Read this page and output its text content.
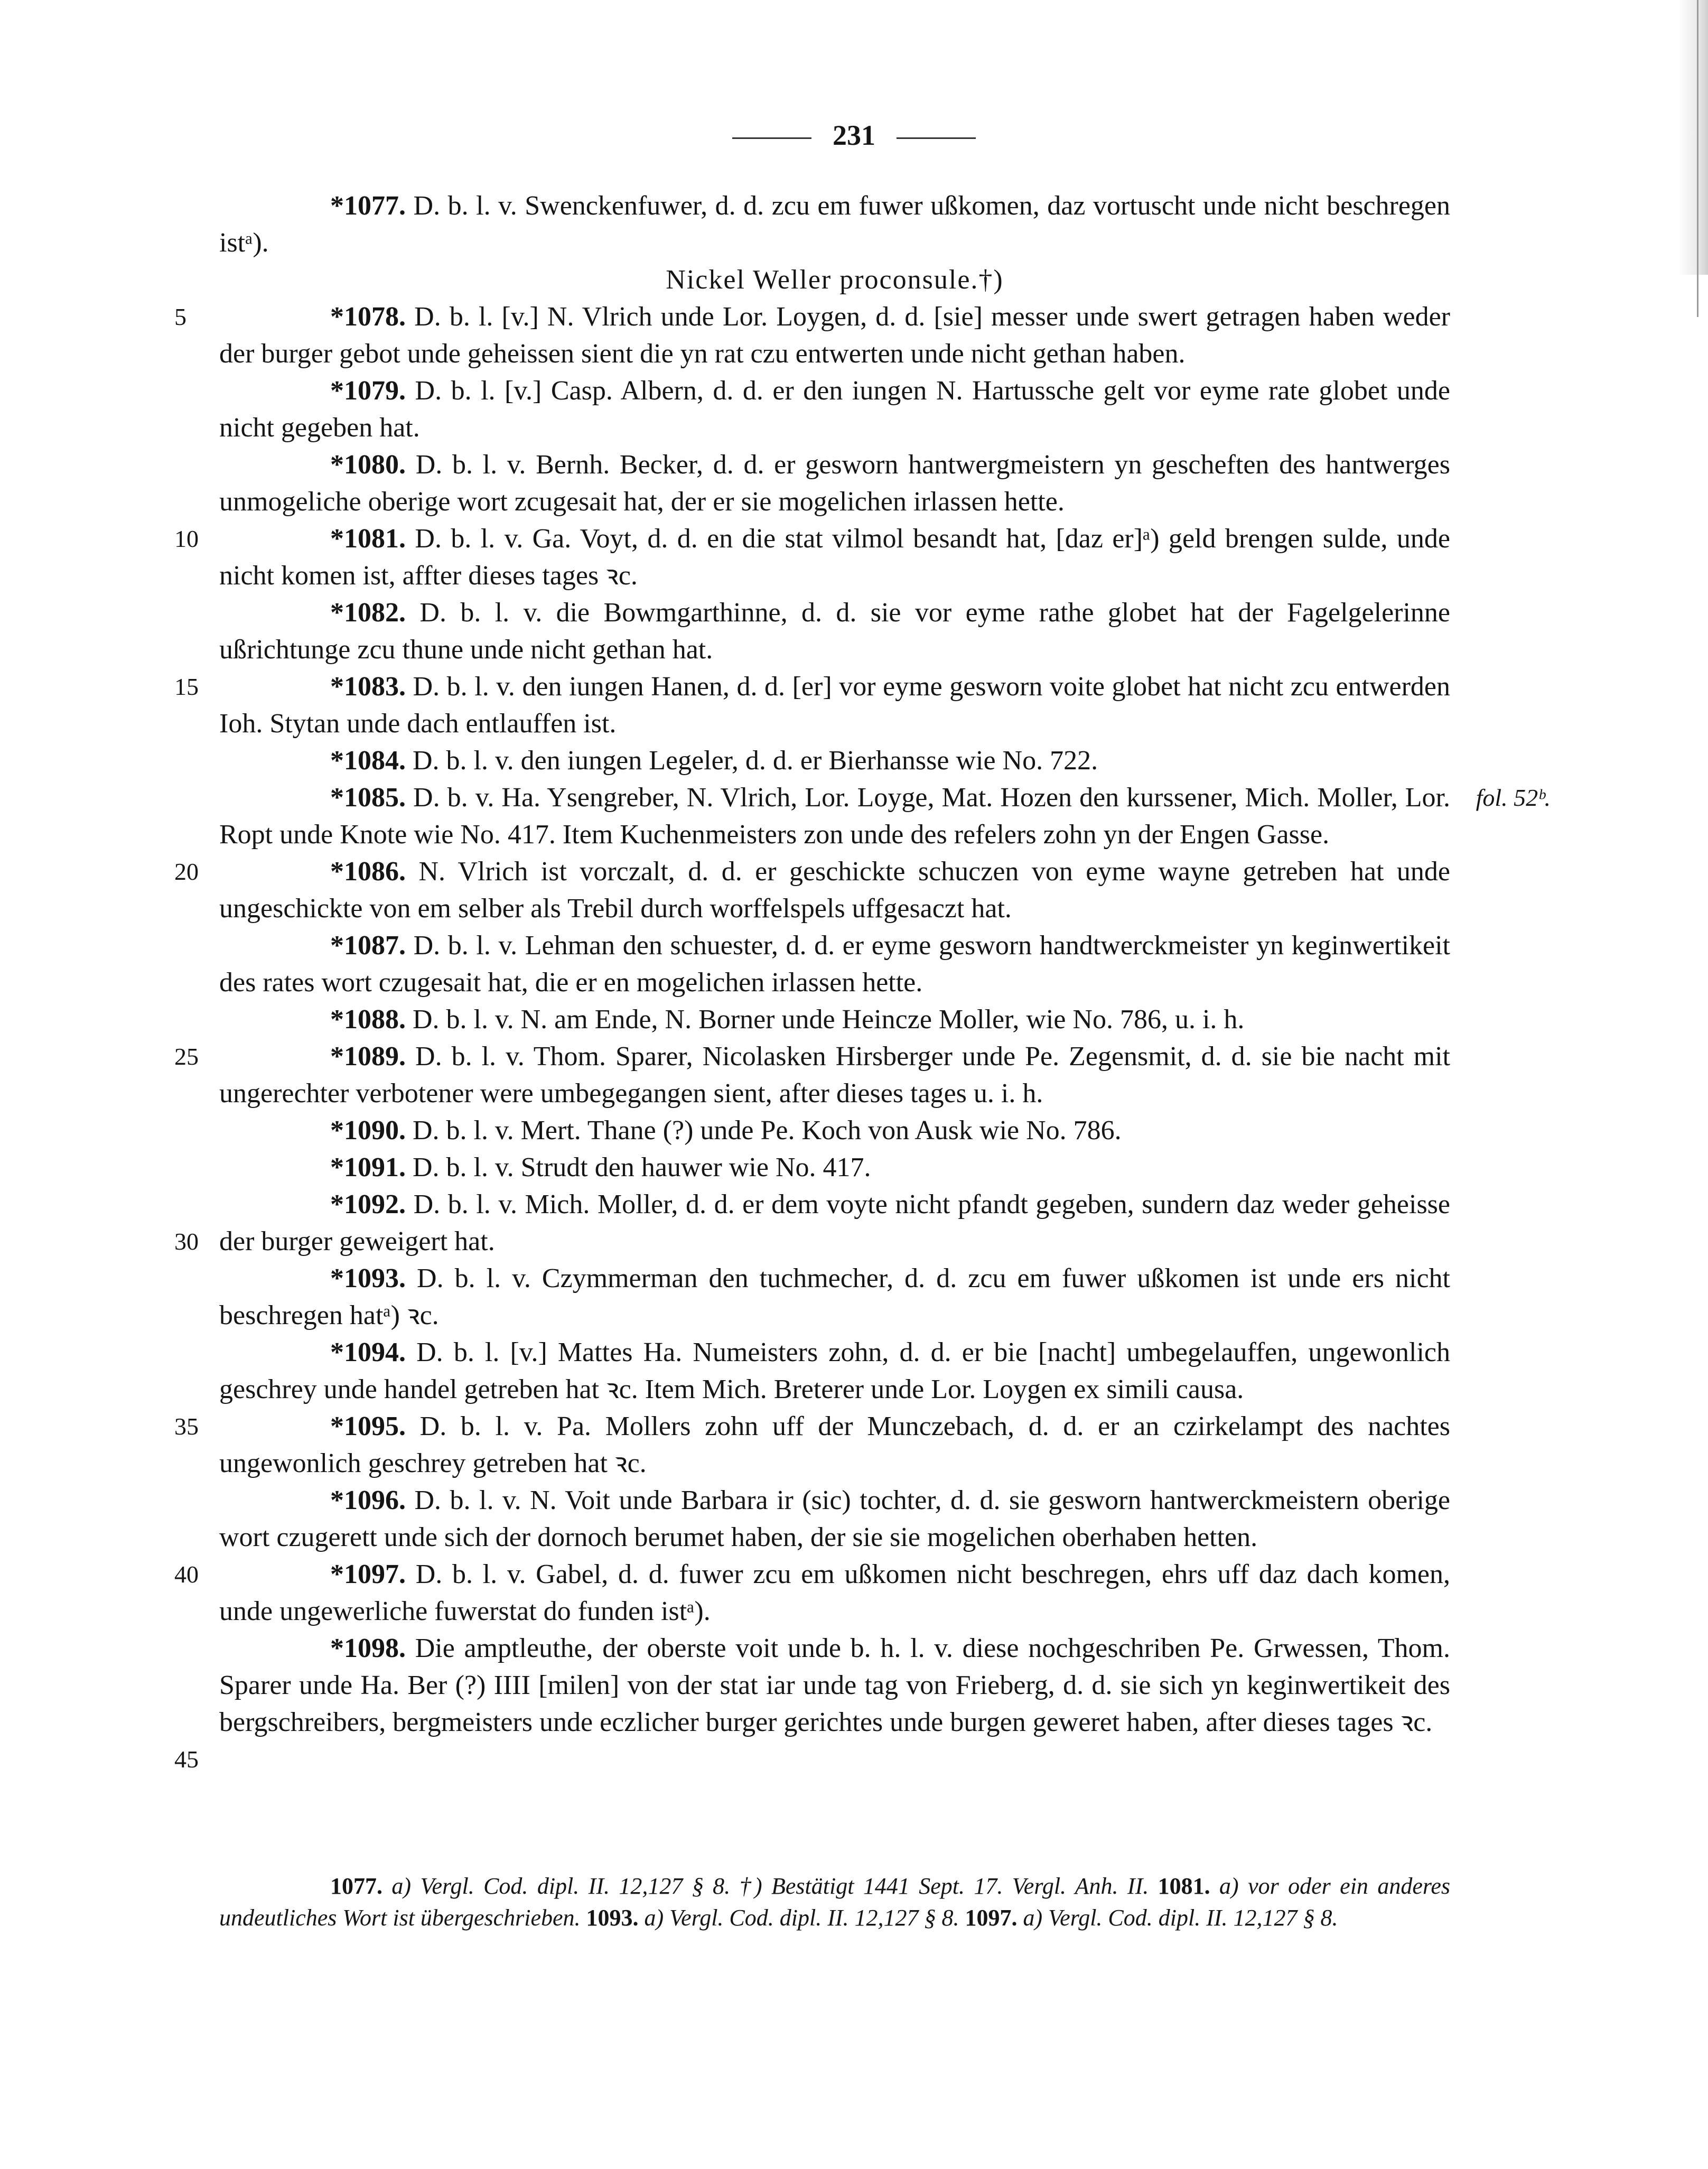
231

*1077. D. b. l. v. Swenckenfuwer, d. d. zcu em fuwer ußkomen, daz vortuscht unde nicht beschregen istᵃ).

Nickel Weller proconsule.†)

*1078. D. b. l. [v.] N. Vlrich unde Lor. Loygen, d. d. [sie] messer unde swert getragen haben weder der burger gebot unde geheissen sient die yn rat czu entwerten unde nicht gethan haben.
5

*1079. D. b. l. [v.] Casp. Albern, d. d. er den iungen N. Hartussche gelt vor eyme rate globet unde nicht gegeben hat.

*1080. D. b. l. v. Bernh. Becker, d. d. er gesworn hantwergmeistern yn gescheften des hantwerges unmogeliche oberige wort zcugesait hat, der er sie mogelichen irlassen hette.

*1081. D. b. l. v. Ga. Voyt, d. d. en die stat vilmol besandt hat, [daz er]ᵃ) geld brengen sulde, unde nicht komen ist, affter dieses tages ꝛc.
10

*1082. D. b. l. v. die Bowmgarthinne, d. d. sie vor eyme rathe globet hat der Fagelgelerinne ußrichtunge zcu thune unde nicht gethan hat.

*1083. D. b. l. v. den iungen Hanen, d. d. [er] vor eyme gesworn voite globet hat nicht zcu entwerden Ioh. Stytan unde dach entlauffen ist.
15

*1084. D. b. l. v. den iungen Legeler, d. d. er Bierhansse wie No. 722.

*1085. D. b. v. Ha. Ysengreber, N. Vlrich, Lor. Loyge, Mat. Hozen den kurssener, Mich. Moller, Lor. Ropt unde Knote wie No. 417. Item Kuchenmeisters zon unde des refelers zohn yn der Engen Gasse.
fol. 52ᵇ.

*1086. N. Vlrich ist vorczalt, d. d. er geschickte schuczen von eyme wayne getreben hat unde ungeschickte von em selber als Trebil durch worffelspels uffgesaczt hat.
20

*1087. D. b. l. v. Lehman den schuester, d. d. er eyme gesworn handtwerckmeister yn keginwertikeit des rates wort czugesait hat, die er en mogelichen irlassen hette.

*1088. D. b. l. v. N. am Ende, N. Borner unde Heincze Moller, wie No. 786, u. i. h.

*1089. D. b. l. v. Thom. Sparer, Nicolasken Hirsberger unde Pe. Zegensmit, d. d. sie bie nacht mit ungerechter verbotener were umbegegangen sient, after dieses tages u. i. h.
25

*1090. D. b. l. v. Mert. Thane (?) unde Pe. Koch von Ausk wie No. 786.

*1091. D. b. l. v. Strudt den hauwer wie No. 417.

*1092. D. b. l. v. Mich. Moller, d. d. er dem voyte nicht pfandt gegeben, sundern daz weder geheisse der burger geweigert hat.
30

*1093. D. b. l. v. Czymmerman den tuchmecher, d. d. zcu em fuwer ußkomen ist unde ers nicht beschregen hatᵃ) ꝛc.

*1094. D. b. l. [v.] Mattes Ha. Numeisters zohn, d. d. er bie [nacht] umbegelauffen, ungewonlich geschrey unde handel getreben hat ꝛc. Item Mich. Breterer unde Lor. Loygen ex simili causa.
35	*1095. D. b. l. v. Pa. Mollers zohn uff der Munczebach, d. d. er an czirkelampt des nachtes ungewonlich geschrey getreben hat ꝛc.

*1096. D. b. l. v. N. Voit unde Barbara ir (sic) tochter, d. d. sie gesworn hantwerckmeistern oberige wort czugerett unde sich der dornoch berumet haben, der sie sie mogelichen oberhaben hetten.

*1097. D. b. l. v. Gabel, d. d. fuwer zcu em ußkomen nicht beschregen, ehrs uff daz dach komen, unde ungewerliche fuwerstat do funden istᵃ).
40

*1098. Die amptleuthe, der oberste voit unde b. h. l. v. diese nochgeschriben Pe. Grwessen, Thom. Sparer unde Ha. Ber (?) IIII [milen] von der stat iar unde tag von Frieberg, d. d. sie sich yn keginwertikeit des bergschreibers, bergmeisters unde eczlicher burger gerichtes unde burgen geweret haben, after dieses tages ꝛc.
45

1077. a) Vergl. Cod. dipl. II. 12,127 § 8. †) Bestätigt 1441 Sept. 17. Vergl. Anh. II. 1081. a) vor oder ein anderes undeutliches Wort ist übergeschrieben. 1093. a) Vergl. Cod. dipl. II. 12,127 § 8. 1097. a) Vergl. Cod. dipl. II. 12,127 § 8.
